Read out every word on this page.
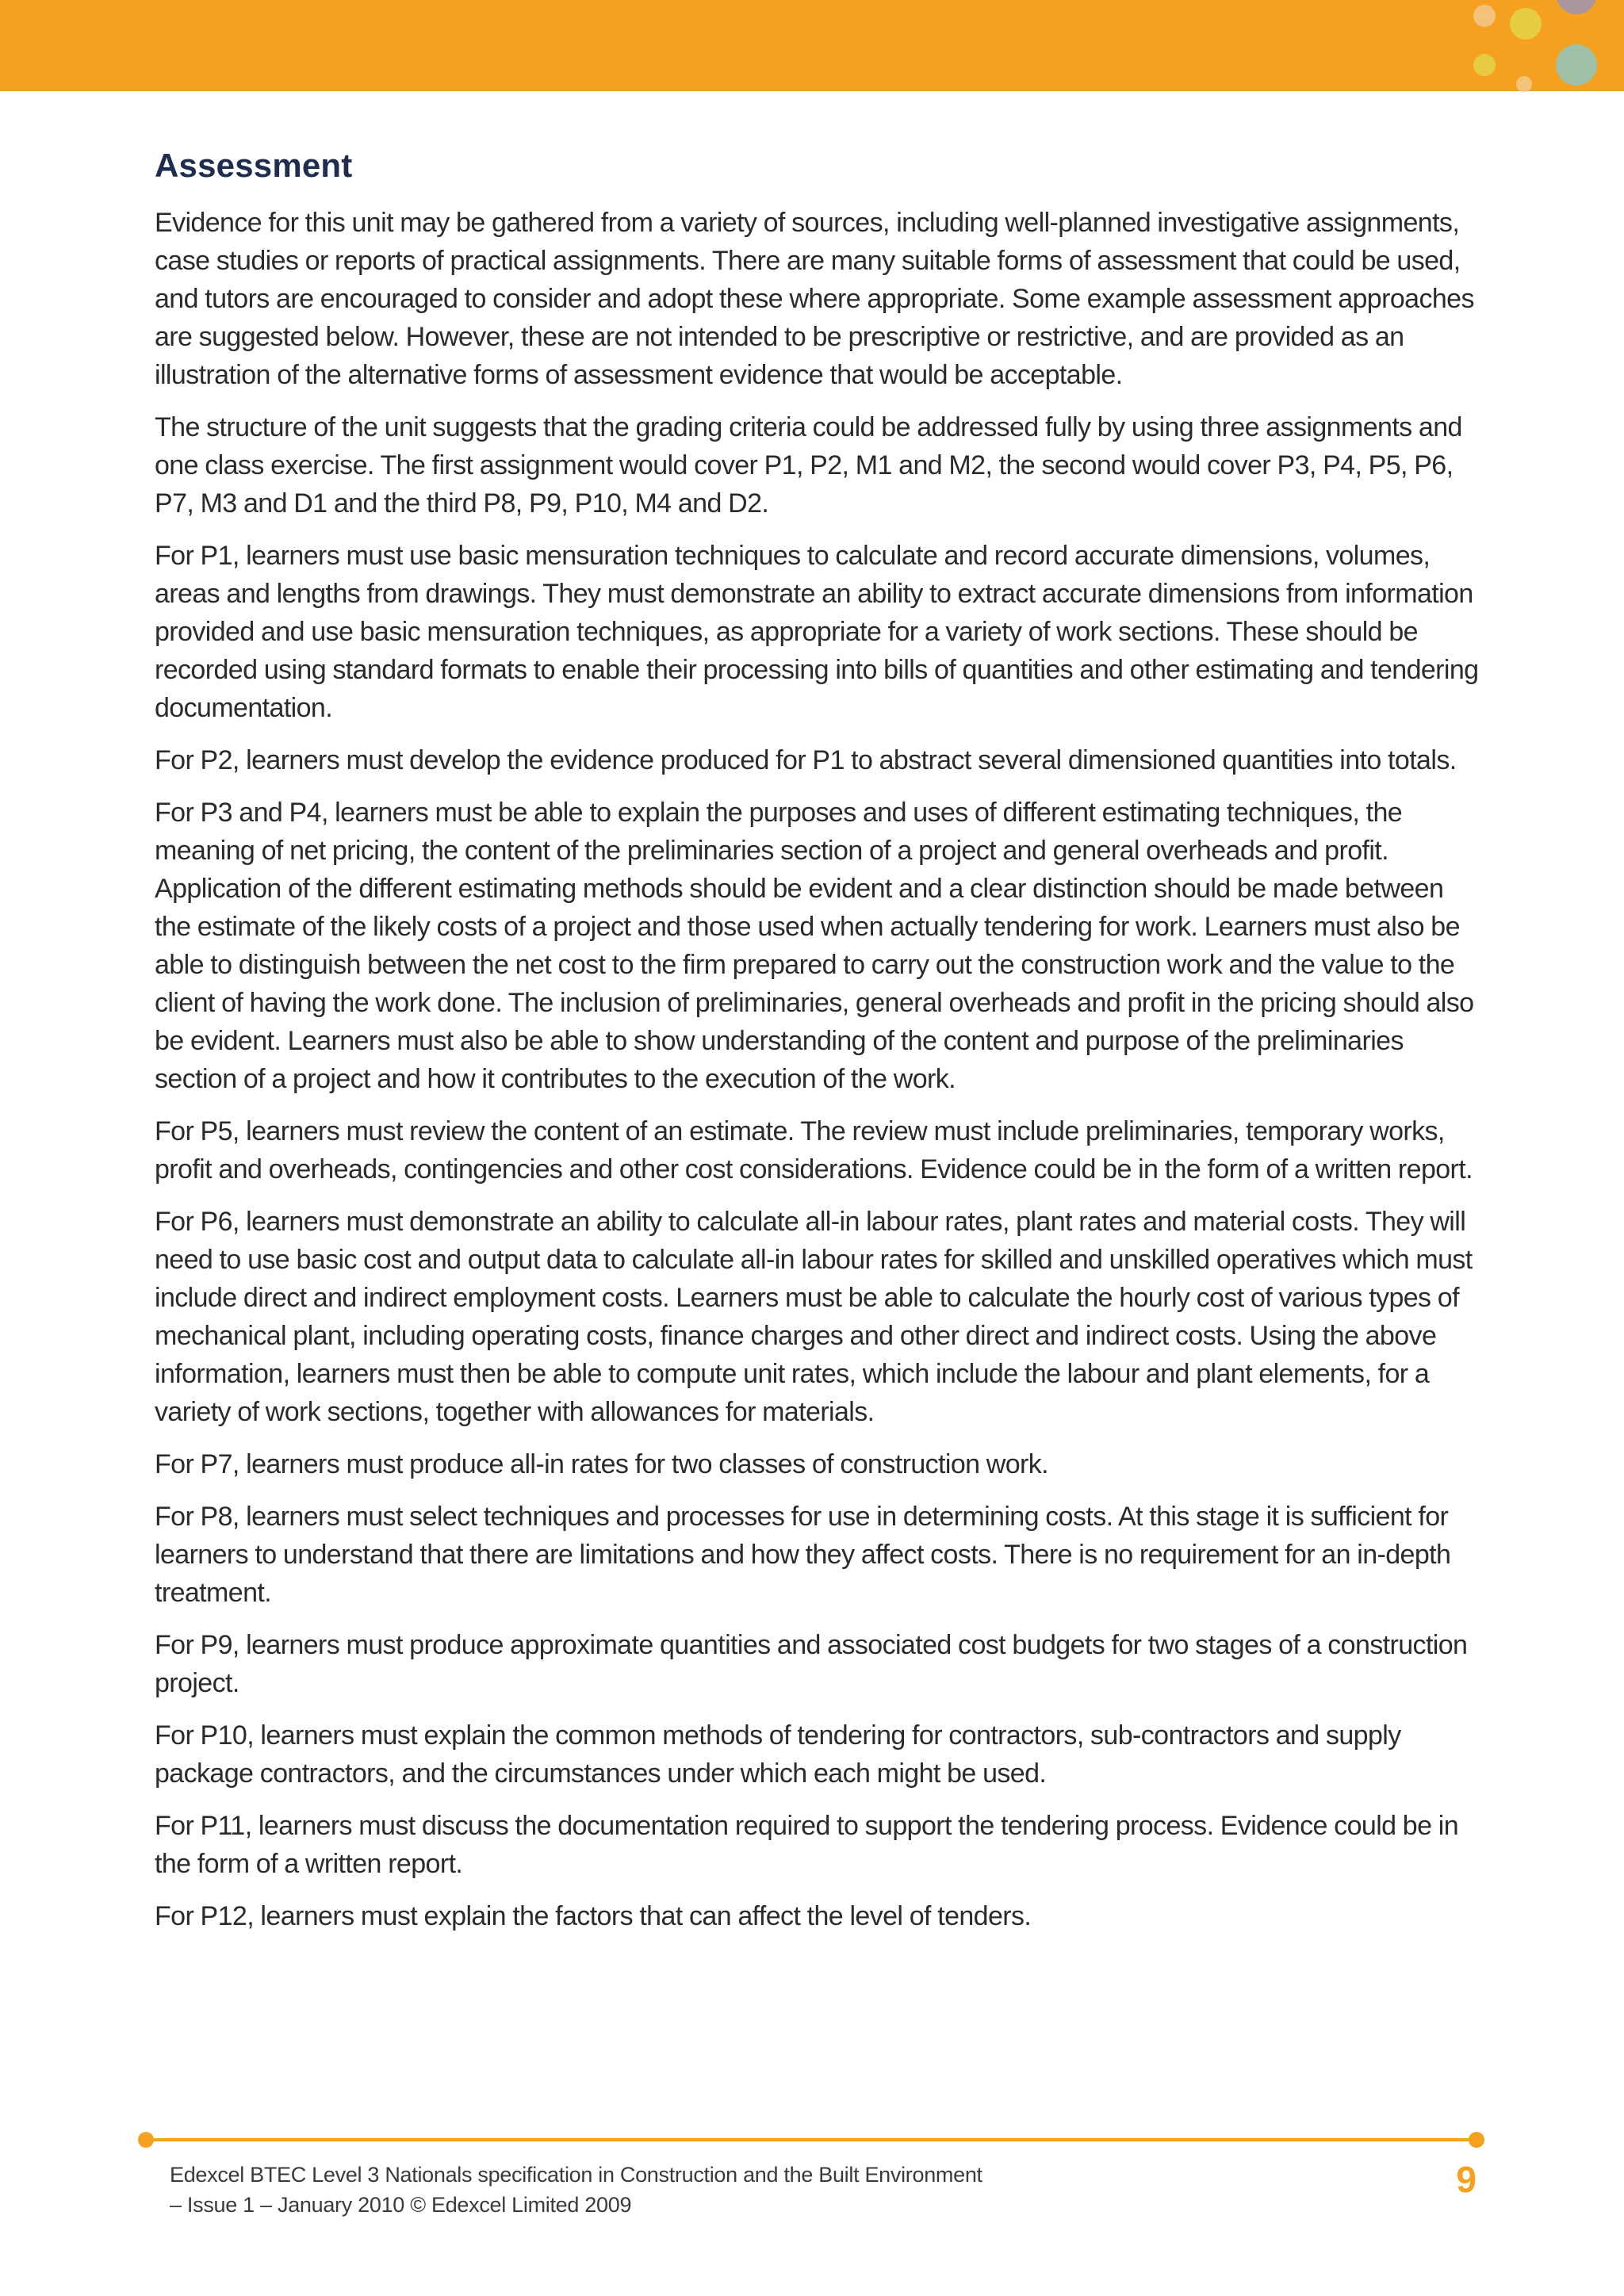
Assessment

Evidence for this unit may be gathered from a variety of sources, including well-planned investigative assignments, case studies or reports of practical assignments. There are many suitable forms of assessment that could be used, and tutors are encouraged to consider and adopt these where appropriate. Some example assessment approaches are suggested below. However, these are not intended to be prescriptive or restrictive, and are provided as an illustration of the alternative forms of assessment evidence that would be acceptable.

The structure of the unit suggests that the grading criteria could be addressed fully by using three assignments and one class exercise. The first assignment would cover P1, P2, M1 and M2, the second would cover P3, P4, P5, P6, P7, M3 and D1 and the third P8, P9, P10, M4 and D2.

For P1, learners must use basic mensuration techniques to calculate and record accurate dimensions, volumes, areas and lengths from drawings. They must demonstrate an ability to extract accurate dimensions from information provided and use basic mensuration techniques, as appropriate for a variety of work sections. These should be recorded using standard formats to enable their processing into bills of quantities and other estimating and tendering documentation.

For P2, learners must develop the evidence produced for P1 to abstract several dimensioned quantities into totals.

For P3 and P4, learners must be able to explain the purposes and uses of different estimating techniques, the meaning of net pricing, the content of the preliminaries section of a project and general overheads and profit. Application of the different estimating methods should be evident and a clear distinction should be made between the estimate of the likely costs of a project and those used when actually tendering for work. Learners must also be able to distinguish between the net cost to the firm prepared to carry out the construction work and the value to the client of having the work done. The inclusion of preliminaries, general overheads and profit in the pricing should also be evident. Learners must also be able to show understanding of the content and purpose of the preliminaries section of a project and how it contributes to the execution of the work.

For P5, learners must review the content of an estimate. The review must include preliminaries, temporary works, profit and overheads, contingencies and other cost considerations. Evidence could be in the form of a written report.

For P6, learners must demonstrate an ability to calculate all-in labour rates, plant rates and material costs. They will need to use basic cost and output data to calculate all-in labour rates for skilled and unskilled operatives which must include direct and indirect employment costs. Learners must be able to calculate the hourly cost of various types of mechanical plant, including operating costs, finance charges and other direct and indirect costs. Using the above information, learners must then be able to compute unit rates, which include the labour and plant elements, for a variety of work sections, together with allowances for materials.

For P7, learners must produce all-in rates for two classes of construction work.

For P8, learners must select techniques and processes for use in determining costs. At this stage it is sufficient for learners to understand that there are limitations and how they affect costs. There is no requirement for an in-depth treatment.

For P9, learners must produce approximate quantities and associated cost budgets for two stages of a construction project.

For P10, learners must explain the common methods of tendering for contractors, sub-contractors and supply package contractors, and the circumstances under which each might be used.

For P11, learners must discuss the documentation required to support the tendering process. Evidence could be in the form of a written report.

For P12, learners must explain the factors that can affect the level of tenders.

Edexcel BTEC Level 3 Nationals specification in Construction and the Built Environment
– Issue 1 – January 2010 © Edexcel Limited 2009
9
